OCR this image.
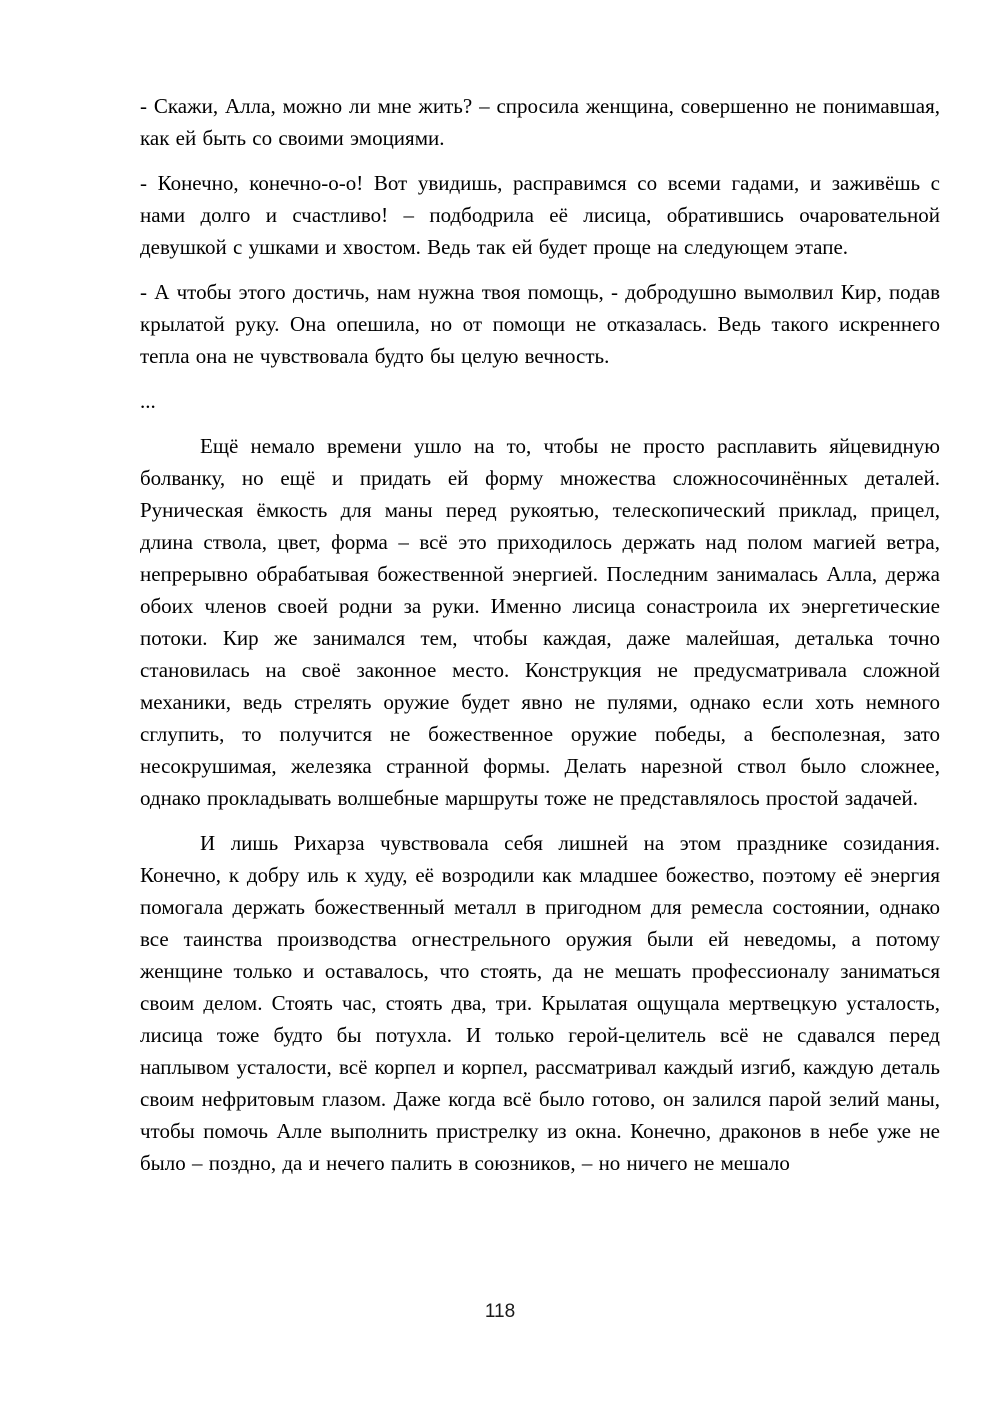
- Скажи, Алла, можно ли мне жить? – спросила женщина, совершенно не понимавшая, как ей быть со своими эмоциями.

- Конечно, конечно-о-о! Вот увидишь, расправимся со всеми гадами, и заживёшь с нами долго и счастливо! – подбодрила её лисица, обратившись очаровательной девушкой с ушками и хвостом. Ведь так ей будет проще на следующем этапе.

- А чтобы этого достичь, нам нужна твоя помощь, - добродушно вымолвил Кир, подав крылатой руку. Она опешила, но от помощи не отказалась. Ведь такого искреннего тепла она не чувствовала будто бы целую вечность.

...

Ещё немало времени ушло на то, чтобы не просто расплавить яйцевидную болванку, но ещё и придать ей форму множества сложносочинённых деталей. Руническая ёмкость для маны перед рукоятью, телескопический приклад, прицел, длина ствола, цвет, форма – всё это приходилось держать над полом магией ветра, непрерывно обрабатывая божественной энергией. Последним занималась Алла, держа обоих членов своей родни за руки. Именно лисица сонастроила их энергетические потоки. Кир же занимался тем, чтобы каждая, даже малейшая, деталька точно становилась на своё законное место. Конструкция не предусматривала сложной механики, ведь стрелять оружие будет явно не пулями, однако если хоть немного сглупить, то получится не божественное оружие победы, а бесполезная, зато несокрушимая, железяка странной формы. Делать нарезной ствол было сложнее, однако прокладывать волшебные маршруты тоже не представлялось простой задачей.

И лишь Рихарза чувствовала себя лишней на этом празднике созидания. Конечно, к добру иль к худу, её возродили как младшее божество, поэтому её энергия помогала держать божественный металл в пригодном для ремесла состоянии, однако все таинства производства огнестрельного оружия были ей неведомы, а потому женщине только и оставалось, что стоять, да не мешать профессионалу заниматься своим делом. Стоять час, стоять два, три. Крылатая ощущала мертвецкую усталость, лисица тоже будто бы потухла. И только герой-целитель всё не сдавался перед наплывом усталости, всё корпел и корпел, рассматривал каждый изгиб, каждую деталь своим нефритовым глазом. Даже когда всё было готово, он залился парой зелий маны, чтобы помочь Алле выполнить пристрелку из окна. Конечно, драконов в небе уже не было – поздно, да и нечего палить в союзников, – но ничего не мешало

118
